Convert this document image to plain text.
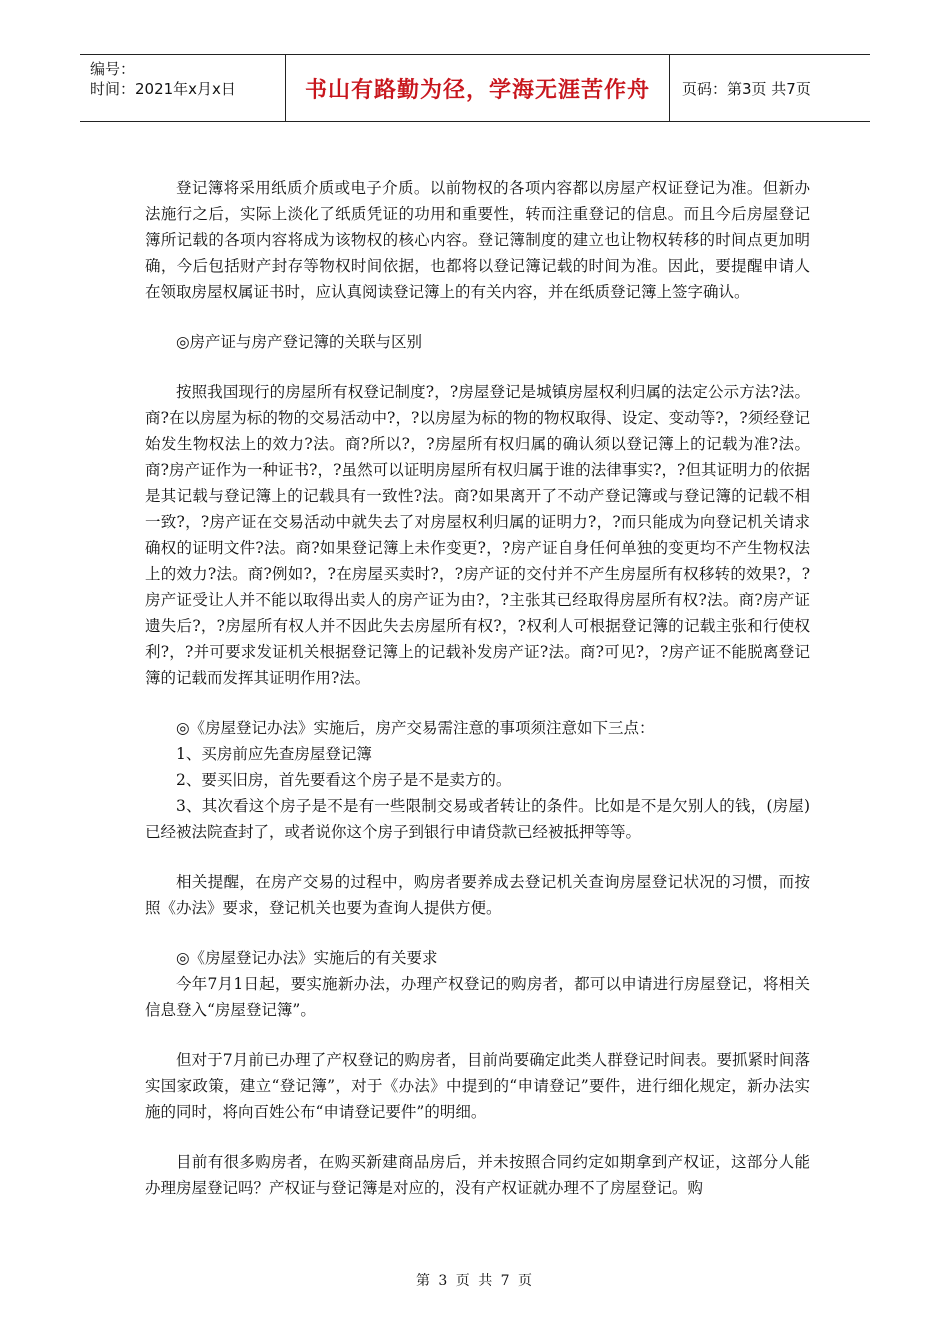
编号：
时间：2021年x月x日	书山有路勤为径，学海无涯苦作舟	页码：第3页 共7页

登记簿将采用纸质介质或电子介质。以前物权的各项内容都以房屋产权证登记为准。但新办法施行之后，实际上淡化了纸质凭证的功用和重要性，转而注重登记的信息。而且今后房屋登记簿所记载的各项内容将成为该物权的核心内容。登记簿制度的建立也让物权转移的时间点更加明确，今后包括财产封存等物权时间依据，也都将以登记簿记载的时间为准。因此，要提醒申请人在领取房屋权属证书时，应认真阅读登记簿上的有关内容，并在纸质登记簿上签字确认。

◎房产证与房产登记簿的关联与区别

按照我国现行的房屋所有权登记制度?，?房屋登记是城镇房屋权利归属的法定公示方法?法。商?在以房屋为标的物的交易活动中?，?以房屋为标的物的物权取得、设定、变动等?，?须经登记始发生物权法上的效力?法。商?所以?，?房屋所有权归属的确认须以登记簿上的记载为准?法。商?房产证作为一种证书?，?虽然可以证明房屋所有权归属于谁的法律事实?，?但其证明力的依据是其记载与登记簿上的记载具有一致性?法。商?如果离开了不动产登记簿或与登记簿的记载不相一致?，?房产证在交易活动中就失去了对房屋权利归属的证明力?，?而只能成为向登记机关请求确权的证明文件?法。商?如果登记簿上未作变更?，?房产证自身任何单独的变更均不产生物权法上的效力?法。商?例如?，?在房屋买卖时?，?房产证的交付并不产生房屋所有权移转的效果?，?房产证受让人并不能以取得出卖人的房产证为由?，?主张其已经取得房屋所有权?法。商?房产证遗失后?，?房屋所有权人并不因此失去房屋所有权?，?权利人可根据登记簿的记载主张和行使权利?，?并可要求发证机关根据登记簿上的记载补发房产证?法。商?可见?，?房产证不能脱离登记簿的记载而发挥其证明作用?法。

◎《房屋登记办法》实施后，房产交易需注意的事项须注意如下三点：

1、买房前应先查房屋登记簿

2、要买旧房，首先要看这个房子是不是卖方的。

3、其次看这个房子是不是有一些限制交易或者转让的条件。比如是不是欠别人的钱，(房屋)已经被法院查封了，或者说你这个房子到银行申请贷款已经被抵押等等。

相关提醒，在房产交易的过程中，购房者要养成去登记机关查询房屋登记状况的习惯，而按照《办法》要求，登记机关也要为查询人提供方便。

◎《房屋登记办法》实施后的有关要求

今年7月1日起，要实施新办法，办理产权登记的购房者，都可以申请进行房屋登记，将相关信息登入“房屋登记簿”。

但对于7月前已办理了产权登记的购房者，目前尚要确定此类人群登记时间表。要抓紧时间落实国家政策，建立“登记簿”，对于《办法》中提到的“申请登记”要件，进行细化规定，新办法实施的同时，将向百姓公布“申请登记要件”的明细。

目前有很多购房者，在购买新建商品房后，并未按照合同约定如期拿到产权证，这部分人能办理房屋登记吗？产权证与登记簿是对应的，没有产权证就办理不了房屋登记。购

第 3 页 共 7 页
